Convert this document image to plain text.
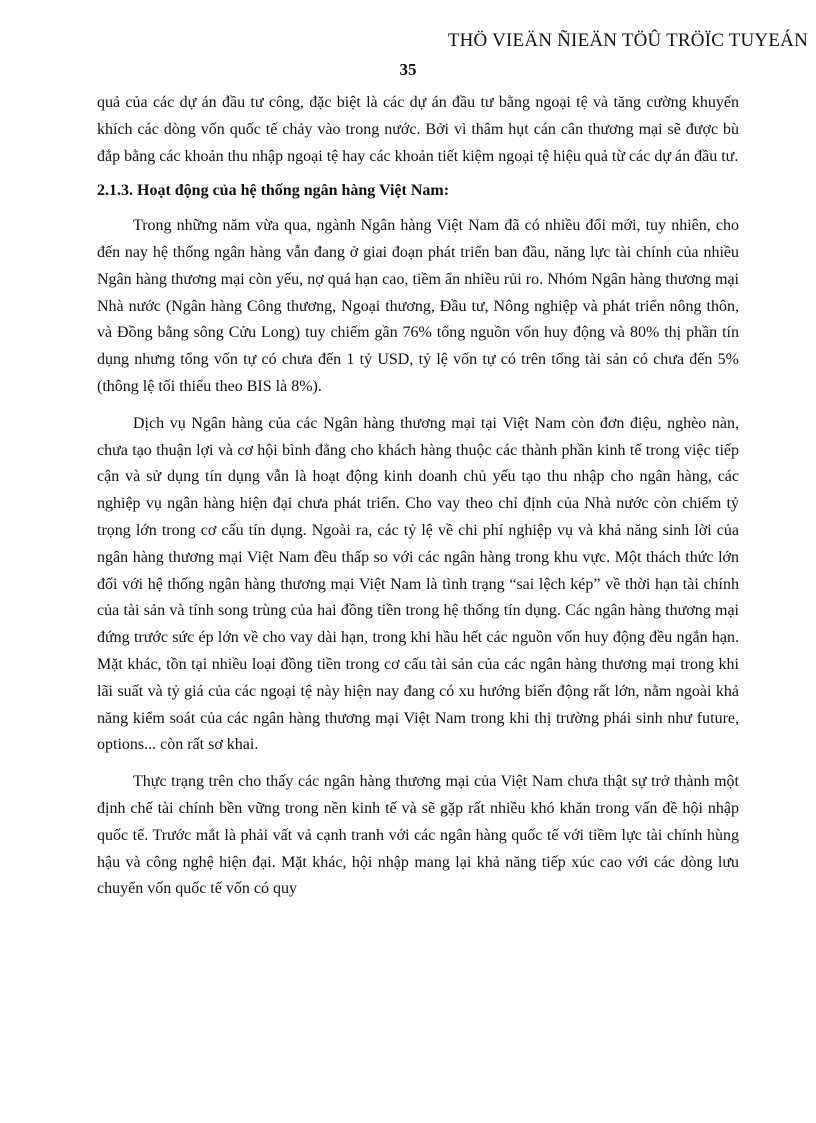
THÖ VIEÄN ÑIEÄN TÖÛ TRÖÏC TUYEÁN
35

quả của các dự án đầu tư công, đặc biệt là các dự án đầu tư bằng ngoại tệ và tăng cường khuyến khích các dòng vốn quốc tế chảy vào trong nước. Bởi vì thâm hụt cán cân thương mại sẽ được bù đắp bằng các khoản thu nhập ngoại tệ hay các khoản tiết kiệm ngoại tệ hiệu quả từ các dự án đầu tư.

2.1.3. Hoạt động của hệ thống ngân hàng Việt Nam:

Trong những năm vừa qua, ngành Ngân hàng Việt Nam đã có nhiều đổi mới, tuy nhiên, cho đến nay hệ thống ngân hàng vẫn đang ở giai đoạn phát triển ban đầu, năng lực tài chính của nhiều Ngân hàng thương mại còn yếu, nợ quá hạn cao, tiềm ẩn nhiều rủi ro. Nhóm Ngân hàng thương mại Nhà nước (Ngân hàng Công thương, Ngoại thương, Đầu tư, Nông nghiệp và phát triển nông thôn, và Đồng bằng sông Cửu Long) tuy chiếm gần 76% tổng nguồn vốn huy động và 80% thị phần tín dụng nhưng tổng vốn tự có chưa đến 1 tỷ USD, tỷ lệ vốn tự có trên tổng tài sản có chưa đến 5% (thông lệ tối thiểu theo BIS là 8%).

Dịch vụ Ngân hàng của các Ngân hàng thương mại tại Việt Nam còn đơn điệu, nghèo nàn, chưa tạo thuận lợi và cơ hội bình đẳng cho khách hàng thuộc các thành phần kinh tế trong việc tiếp cận và sử dụng tín dụng vẫn là hoạt động kinh doanh chủ yếu tạo thu nhập cho ngân hàng, các nghiệp vụ ngân hàng hiện đại chưa phát triển. Cho vay theo chỉ định của Nhà nước còn chiếm tỷ trọng lớn trong cơ cấu tín dụng. Ngoài ra, các tỷ lệ về chi phí nghiệp vụ và khả năng sinh lời của ngân hàng thương mại Việt Nam đều thấp so với các ngân hàng trong khu vực. Một thách thức lớn đối với hệ thống ngân hàng thương mại Việt Nam là tình trạng “sai lệch kép” về thời hạn tài chính của tài sản và tính song trùng của hai đồng tiền trong hệ thống tín dụng. Các ngân hàng thương mại đứng trước sức ép lớn về cho vay dài hạn, trong khi hầu hết các nguồn vốn huy động đều ngắn hạn. Mặt khác, tồn tại nhiều loại đồng tiền trong cơ cấu tài sản của các ngân hàng thương mại trong khi lãi suất và tỷ giá của các ngoại tệ này hiện nay đang có xu hướng biến động rất lớn, nằm ngoài khả năng kiểm soát của các ngân hàng thương mại Việt Nam trong khi thị trường phái sinh như future, options... còn rất sơ khai.

Thực trạng trên cho thấy các ngân hàng thương mại của Việt Nam chưa thật sự trở thành một định chế tài chính bền vững trong nền kinh tế và sẽ gặp rất nhiều khó khăn trong vấn đề hội nhập quốc tế. Trước mắt là phải vất vả cạnh tranh với các ngân hàng quốc tế với tiềm lực tài chính hùng hậu và công nghệ hiện đại. Mặt khác, hội nhập mang lại khả năng tiếp xúc cao với các dòng lưu chuyển vốn quốc tế vốn có quy
